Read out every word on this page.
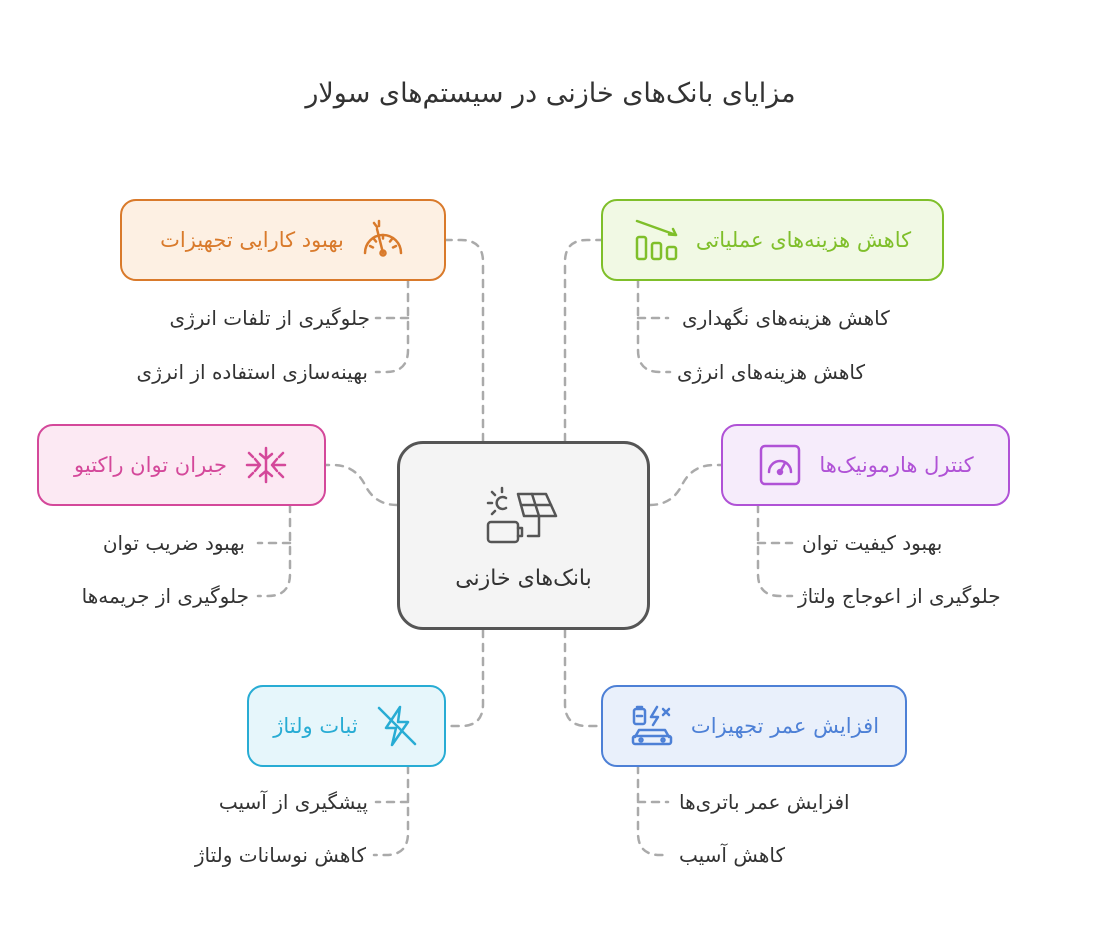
مزایای بانک‌های خازنی در سیستم‌های سولار
بهبود کارایی تجهیزات
جلوگیری از تلفات انرژی
بهینه‌سازی استفاده از انرژی
کاهش هزینه‌های عملیاتی
کاهش هزینه‌های نگهداری
کاهش هزینه‌های انرژی
جبران توان راکتیو
بهبود ضریب توان
جلوگیری از جریمه‌ها
کنترل هارمونیک‌ها
بهبود کیفیت توان
جلوگیری از اعوجاج ولتاژ
ثبات ولتاژ
پیشگیری از آسیب
کاهش نوسانات ولتاژ
افزایش عمر تجهیزات
افزایش عمر باتری‌ها
کاهش آسیب
بانک‌های خازنی
